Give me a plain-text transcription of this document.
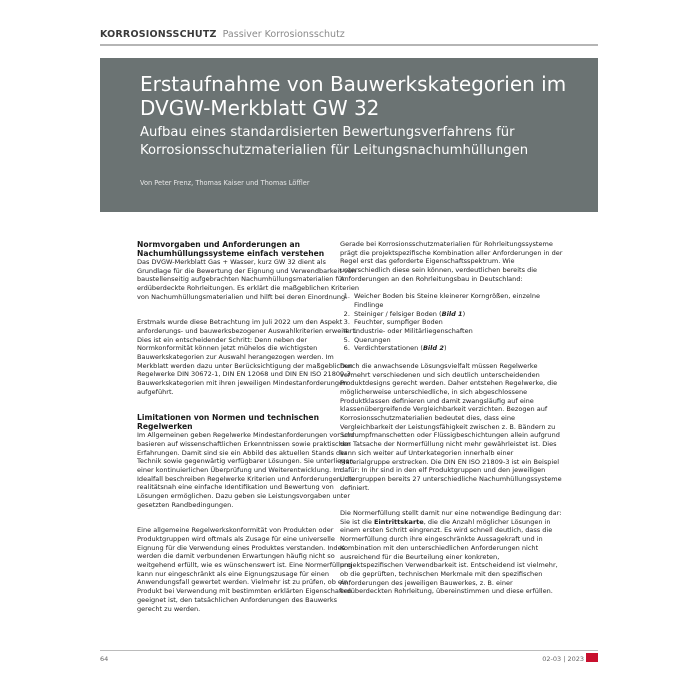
KORROSIONSSCHUTZ Passiver Korrosionsschutz
Erstaufnahme von Bauwerkskategorien im DVGW-Merkblatt GW 32
Aufbau eines standardisierten Bewertungsverfahrens für Korrosionsschutzmaterialien für Leitungsnachumhüllungen
Von Peter Frenz, Thomas Kaiser und Thomas Löffler
Normvorgaben und Anforderungen an Nachumhüllungssysteme einfach verstehen

Das DVGW-Merkblatt Gas + Wasser, kurz GW 32 dient als Grundlage für die Bewertung der Eignung und Verwendbarkeit von baustellenseitig aufgebrachten Nachumhüllungsmaterialien für erdüberdeckte Rohrleitungen. Es erklärt die maßgeblichen Kriterien von Nachumhüllungsmaterialien und hilft bei deren Einordnung.

Erstmals wurde diese Betrachtung im Juli 2022 um den Aspekt anforderungs- und bauwerksbezogener Auswahlkriterien erweitert. Dies ist ein entscheidender Schritt: Denn neben der Normkonformität können jetzt mühelos die wichtigsten Bauwerkskategorien zur Auswahl herangezogen werden. Im Merkblatt werden dazu unter Berücksichtigung der maßgeblichen Regelwerke DIN 30672-1, DIN EN 12068 und DIN EN ISO 21809-3 Bauwerkskategorien mit ihren jeweiligen Mindestanforderungen aufgeführt.

Limitationen von Normen und technischen Regelwerken

Im Allgemeinen geben Regelwerke Mindestanforderungen vor und basieren auf wissenschaftlichen Erkenntnissen sowie praktischen Erfahrungen. Damit sind sie ein Abbild des aktuellen Stands der Technik sowie gegenwärtig verfügbarer Lösungen. Sie unterliegen einer kontinuierlichen Überprüfung und Weiterentwicklung. Im Idealfall beschreiben Regelwerke Kriterien und Anforderungen, die realitätsnah eine einfache Identifikation und Bewertung von Lösungen ermöglichen. Dazu geben sie Leistungsvorgaben unter gesetzten Randbedingungen.

Eine allgemeine Regelwerkskonformität von Produkten oder Produktgruppen wird oftmals als Zusage für eine universelle Eignung für die Verwendung eines Produktes verstanden. Indes werden die damit verbundenen Erwartungen häufig nicht so weitgehend erfüllt, wie es wünschenswert ist. Eine Normerfüllung kann nur eingeschränkt als eine Eignungszusage für einen Anwendungsfall gewertet werden. Vielmehr ist zu prüfen, ob ein Produkt bei Verwendung mit bestimmten erklärten Eigenschaften geeignet ist, den tatsächlichen Anforderungen des Bauwerks gerecht zu werden.

Gerade bei Korrosionsschutzmaterialien für Rohrleitungssysteme prägt die projektspezifische Kombination aller Anforderungen in der Regel erst das geforderte Eigenschaftsspektrum. Wie unterschiedlich diese sein können, verdeutlichen bereits die Anforderungen an den Rohrleitungsbau in Deutschland:

1. Weicher Boden bis Steine kleinerer Korngrößen, einzelne Findlinge
2. Steiniger / felsiger Boden (Bild 1)
3. Feuchter, sumpfiger Boden
4. Industrie- oder Militärliegenschaften
5. Querungen
6. Verdichterstationen (Bild 2)

Durch die anwachsende Lösungsvielfalt müssen Regelwerke vermehrt verschiedenen und sich deutlich unterscheidenden Produktdesigns gerecht werden. Daher entstehen Regelwerke, die möglicherweise unterschiedliche, in sich abgeschlossene Produktklassen definieren und damit zwangsläufig auf eine klassenübergreifende Vergleichbarkeit verzichten. Bezogen auf Korrosionsschutzmaterialien bedeutet dies, dass eine Vergleichbarkeit der Leistungsfähigkeit zwischen z. B. Bändern zu Schrumpfmanschetten oder Flüssigbeschichtungen allein aufgrund der Tatsache der Normerfüllung nicht mehr gewährleistet ist. Dies kann sich weiter auf Unterkategorien innerhalb einer Materialgruppe erstrecken. Die DIN EN ISO 21809-3 ist ein Beispiel dafür: In ihr sind in den elf Produktgruppen und den jeweiligen Untergruppen bereits 27 unterschiedliche Nachumhüllungssysteme definiert.

Die Normerfüllung stellt damit nur eine notwendige Bedingung dar: Sie ist die Eintrittskarte, die die Anzahl möglicher Lösungen in einem ersten Schritt eingrenzt. Es wird schnell deutlich, dass die Normerfüllung durch ihre eingeschränkte Aussagekraft und in Kombination mit den unterschiedlichen Anforderungen nicht ausreichend für die Beurteilung einer konkreten, projektspezifischen Verwendbarkeit ist. Entscheidend ist vielmehr, ob die geprüften, technischen Merkmale mit den spezifischen Anforderungen des jeweiligen Bauwerkes, z. B. einer erdüberdeckten Rohrleitung, übereinstimmen und diese erfüllen.

64	02-03 | 2023
